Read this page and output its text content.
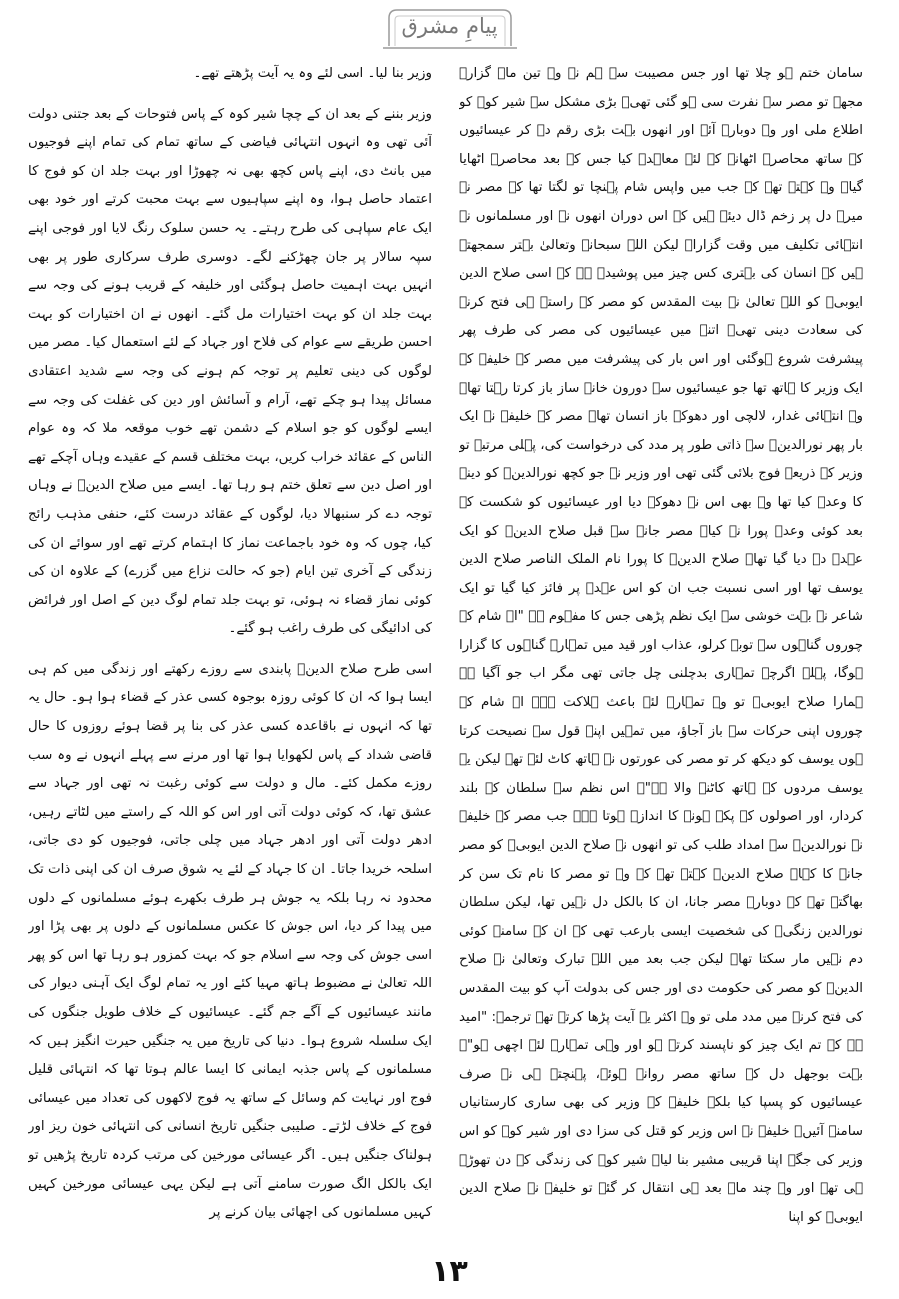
پیامِ مشرق

سامان ختم ہو چلا تھا اور جس مصیبت سے ہم نے وہ تین ماہ گزارے مجھے تو مصر سے نفرت سی ہو گئی تھی۔ بڑی مشکل سے شیر کوہ کو اطلاع ملی اور وہ دوبارہ آئے اور انھوں بہت بڑی رقم دے کر عیسائیوں کے ساتھ محاصرہ اٹھانے کے لئے معاہدہ کیا جس کے بعد محاصرہ اٹھایا گیا۔ وہ کہتے تھے کہ جب میں واپس شام پہنچا تو لگتا تھا کہ مصر نے میرے دل پر زخم ڈال دیئے ہیں کہ اس دوران انھوں نے اور مسلمانوں نے انتہائی تکلیف میں وقت گزارا۔ لیکن اللہ سبحانہ وتعالیٰ بہتر سمجھتے ہیں کہ انسان کی بہتری کس چیز میں پوشیدہ ہے کہ اسی صلاح الدین ایوبیؒ کو اللہ تعالیٰ نے بیت المقدس کو مصر کے راستے ہی فتح کرنے کی سعادت دینی تھی۔ اتنے میں عیسائیوں کی مصر کی طرف پھر پیشرفت شروع ہوگئی اور اس بار کی پیشرفت میں مصر کے خلیفہ کے ایک وزیر کا ہاتھ تھا جو عیسائیوں سے دورون خانہ ساز باز کرتا رہتا تھا۔ وہ انتہائی غدار، لالچی اور دھوکہ باز انسان تھا۔ مصر کے خلیفہ نے ایک بار پھر نورالدینؒ سے ذاتی طور پر مدد کی درخواست کی، پہلی مرتبہ تو وزیر کے ذریعے فوج بلائی گئی تھی اور وزیر نے جو کچھ نورالدینؒ کو دینے کا وعدہ کیا تھا وہ بھی اس نے دھوکہ دیا اور عیسائیوں کو شکست کے بعد کوئی وعدہ پورا نہ کیا۔ مصر جانے سے قبل صلاح الدینؒ کو ایک عہدہ دے دیا گیا تھا۔ صلاح الدینؒ کا پورا نام الملک الناصر صلاح الدین یوسف تھا اور اسی نسبت جب ان کو اس عہدہ پر فائز کیا گیا تو ایک شاعر نے بہت خوشی سے ایک نظم پڑھی جس کا مفہوم ہے "اے شام کے چوروں گناہوں سے توبہ کرلو، عذاب اور قید میں تمہارے گناہوں کا گزارا ہوگا، پہلے اگرچہ تمہاری بدچلنی چل جاتی تھی مگر اب جو آگیا ہے ہمارا صلاح ایوبیؒ تو وہ تمہارے لئے باعث ہلاکت ہے۔ اے شام کے چوروں اپنی حرکات سے باز آجاؤ، میں تمہیں اپنے قول سے نصیحت کرتا ہوں یوسف کو دیکھ کر تو مصر کی عورتوں نے ہاتھ کاٹ لئے تھے لیکن یہ یوسف مردوں کے ہاتھ کاٹنے والا ہے"۔ اس نظم سے سلطان کے بلند کردار، اور اصولوں کے پکے ہونے کا اندازہ ہوتا ہے۔ جب مصر کے خلیفہ نے نورالدینؒ سے امداد طلب کی تو انھوں نے صلاح الدین ایوبیؒ کو مصر جانے کا کہا۔ صلاح الدینؒ کہتے تھے کہ وہ تو مصر کا نام تک سن کر بھاگتے تھے کہ دوبارہ مصر جانا، ان کا بالکل دل نہیں تھا، لیکن سلطان نورالدین زنگیؒ کی شخصیت ایسی بارعب تھی کہ ان کے سامنے کوئی دم نہیں مار سکتا تھا۔ لیکن جب بعد میں اللہ تبارک وتعالیٰ نے صلاح الدینؒ کو مصر کی حکومت دی اور جس کی بدولت آپ کو بیت المقدس کی فتح کرنے میں مدد ملی تو وہ اکثر یہ آیت پڑھا کرتے تھے ترجمہ: "امید ہے کہ تم ایک چیز کو ناپسند کرتے ہو اور وہی تمہارے لئے اچھی ہو"۔ بہت بوجھل دل کے ساتھ مصر روانہ ہوئے، پہنچتے ہی نہ صرف عیسائیوں کو پسپا کیا بلکہ خلیفہ کے وزیر کی بھی ساری کارستانیاں سامنے آئیں۔ خلیفہ نے اس وزیر کو قتل کی سزا دی اور شیر کوہ کو اس وزیر کی جگہ اپنا قریبی مشیر بنا لیا۔ شیر کوہ کی زندگی کے دن تھوڑے ہی تھے اور وہ چند ماہ بعد ہی انتقال کر گئے تو خلیفہ نے صلاح الدین ایوبیؒ کو اپنا

وزیر بنا لیا۔ اسی لئے وہ یہ آیت پڑھتے تھے۔

وزیر بننے کے بعد ان کے چچا شیر کوہ کے پاس فتوحات کے بعد جتنی دولت آئی تھی وہ انہوں انتہائی فیاضی کے ساتھ تمام کی تمام اپنے فوجیوں میں بانٹ دی، اپنے پاس کچھ بھی نہ چھوڑا اور بہت جلد ان کو فوج کا اعتماد حاصل ہوا، وہ اپنے سپاہیوں سے بہت محبت کرتے اور خود بھی ایک عام سپاہی کی طرح رہتے۔ یہ حسن سلوک رنگ لایا اور فوجی اپنے سپہ سالار پر جان چھڑکنے لگے۔ دوسری طرف سرکاری طور پر بھی انہیں بہت اہمیت حاصل ہوگئی اور خلیفہ کے قریب ہونے کی وجہ سے بہت جلد ان کو بہت اختیارات مل گئے۔ انھوں نے ان اختیارات کو بہت احسن طریقے سے عوام کی فلاح اور جہاد کے لئے استعمال کیا۔ مصر میں لوگوں کی دینی تعلیم پر توجہ کم ہونے کی وجہ سے شدید اعتقادی مسائل پیدا ہو چکے تھے، آرام و آسائش اور دین کی غفلت کی وجہ سے ایسے لوگوں کو جو اسلام کے دشمن تھے خوب موقعہ ملا کہ وہ عوام الناس کے عقائد خراب کریں، بہت مختلف قسم کے عقیدے وہاں آچکے تھے اور اصل دین سے تعلق ختم ہو رہا تھا۔ ایسے میں صلاح الدینؒ نے وہاں توجہ دے کر سنبھالا دیا، لوگوں کے عقائد درست کئے، حنفی مذہب رائج کیا، چوں کہ وہ خود باجماعت نماز کا اہتمام کرتے تھے اور سوائے ان کی زندگی کے آخری تین ایام (جو کہ حالت نزاع میں گزرے) کے علاوہ ان کی کوئی نماز قضاء نہ ہوئی، تو بہت جلد تمام لوگ دین کے اصل اور فرائض کی ادائیگی کی طرف راغب ہو گئے۔

اسی طرح صلاح الدینؒ پابندی سے روزے رکھتے اور زندگی میں کم ہی ایسا ہوا کہ ان کا کوئی روزہ بوجوہ کسی عذر کے قضاء ہوا ہو۔ حال یہ تھا کہ انہوں نے باقاعدہ کسی عذر کی بنا پر قضا ہوئے روزوں کا حال قاضی شداد کے پاس لکھوایا ہوا تھا اور مرنے سے پہلے انہوں نے وہ سب روزے مکمل کئے۔ مال و دولت سے کوئی رغبت نہ تھی اور جہاد سے عشق تھا، کہ کوئی دولت آتی اور اس کو اللہ کے راستے میں لٹاتے رہیں، ادھر دولت آتی اور ادھر جہاد میں چلی جاتی، فوجیوں کو دی جاتی، اسلحہ خریدا جاتا۔ ان کا جہاد کے لئے یہ شوق صرف ان کی اپنی ذات تک محدود نہ رہا بلکہ یہ جوش ہر طرف بکھرے ہوئے مسلمانوں کے دلوں میں پیدا کر دیا، اس جوش کا عکس مسلمانوں کے دلوں پر بھی پڑا اور اسی جوش کی وجہ سے اسلام جو کہ بہت کمزور ہو رہا تھا اس کو پھر اللہ تعالیٰ نے مضبوط ہاتھ مہیا کئے اور یہ تمام لوگ ایک آہنی دیوار کی مانند عیسائیوں کے آگے جم گئے۔ عیسائیوں کے خلاف طویل جنگوں کی ایک سلسلہ شروع ہوا۔ دنیا کی تاریخ میں یہ جنگیں حیرت انگیز ہیں کہ مسلمانوں کے پاس جذبہ ایمانی کا ایسا عالم ہوتا تھا کہ انتہائی قلیل فوج اور نہایت کم وسائل کے ساتھ یہ فوج لاکھوں کی تعداد میں عیسائی فوج کے خلاف لڑتے۔ صلیبی جنگیں تاریخ انسانی کی انتہائی خون ریز اور ہولناک جنگیں ہیں۔ اگر عیسائی مورخین کی مرتب کردہ تاریخ پڑھیں تو ایک بالکل الگ صورت سامنے آتی ہے لیکن یہی عیسائی مورخین کہیں کہیں مسلمانوں کی اچھائی بیان کرنے پر

۱۳
